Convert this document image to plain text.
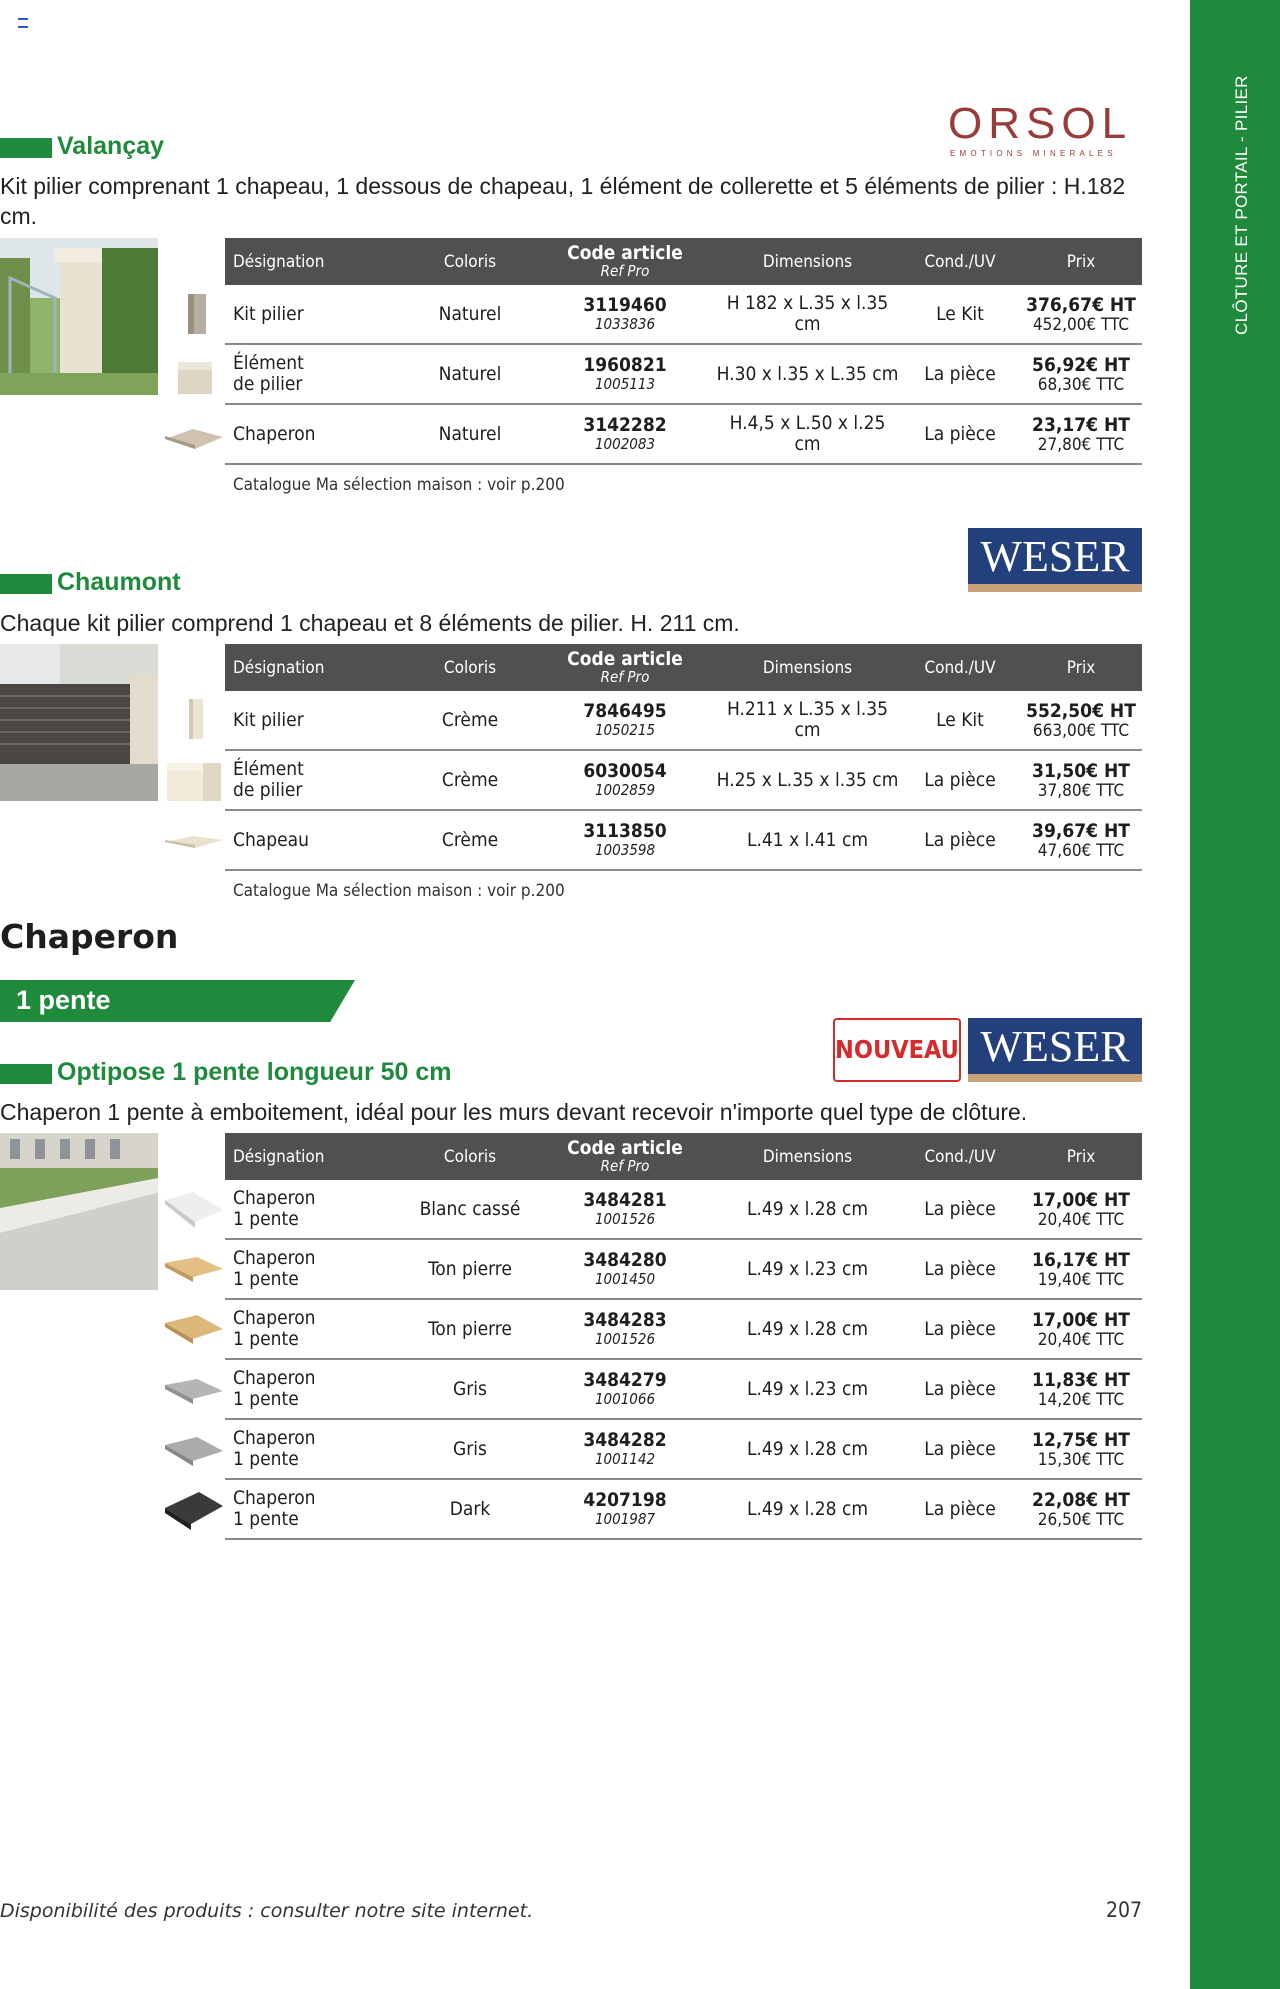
CLÔTURE ET PORTAIL - PILIER
ORSOL
EMOTIONS MINERALES
Valançay
Kit pilier comprenant 1 chapeau, 1 dessous de chapeau, 1 élément de collerette et 5 éléments de pilier : H.182 cm.
Désignation	Coloris	Code article
Ref Pro	Dimensions	Cond./UV	Prix
Kit pilier	Naturel	3119460
1033836	H 182 x L.35 x l.35 cm	Le Kit	376,67€ HT
452,00€ TTC

Élément
de pilier	Naturel	1960821
1005113	H.30 x l.35 x L.35 cm	La pièce	56,92€ HT
68,30€ TTC

Chaperon	Naturel	3142282
1002083	H.4,5 x L.50 x l.25 cm	La pièce	23,17€ HT
27,80€ TTC
Catalogue Ma sélection maison : voir p.200
WESER
Chaumont
Chaque kit pilier comprend 1 chapeau et 8 éléments de pilier. H. 211 cm.
Désignation	Coloris	Code article
Ref Pro	Dimensions	Cond./UV	Prix
Kit pilier	Crème	7846495
1050215	H.211 x L.35 x l.35 cm	Le Kit	552,50€ HT
663,00€ TTC

Élément
de pilier	Crème	6030054
1002859	H.25 x L.35 x l.35 cm	La pièce	31,50€ HT
37,80€ TTC

Chapeau	Crème	3113850
1003598	L.41 x l.41 cm	La pièce	39,67€ HT
47,60€ TTC
Catalogue Ma sélection maison : voir p.200
Chaperon
1 pente
NOUVEAU WESER
Optipose 1 pente longueur 50 cm
Chaperon 1 pente à emboitement, idéal pour les murs devant recevoir n'importe quel type de clôture.
Désignation	Coloris	Code article
Ref Pro	Dimensions	Cond./UV	Prix
Chaperon
1 pente	Blanc cassé	3484281
1001526	L.49 x l.28 cm	La pièce	17,00€ HT
20,40€ TTC

Chaperon
1 pente	Ton pierre	3484280
1001450	L.49 x l.23 cm	La pièce	16,17€ HT
19,40€ TTC

Chaperon
1 pente	Ton pierre	3484283
1001526	L.49 x l.28 cm	La pièce	17,00€ HT
20,40€ TTC

Chaperon
1 pente	Gris	3484279
1001066	L.49 x l.23 cm	La pièce	11,83€ HT
14,20€ TTC

Chaperon
1 pente	Gris	3484282
1001142	L.49 x l.28 cm	La pièce	12,75€ HT
15,30€ TTC

Chaperon
1 pente	Dark	4207198
1001987	L.49 x l.28 cm	La pièce	22,08€ HT
26,50€ TTC
Disponibilité des produits : consulter notre site internet.	207
